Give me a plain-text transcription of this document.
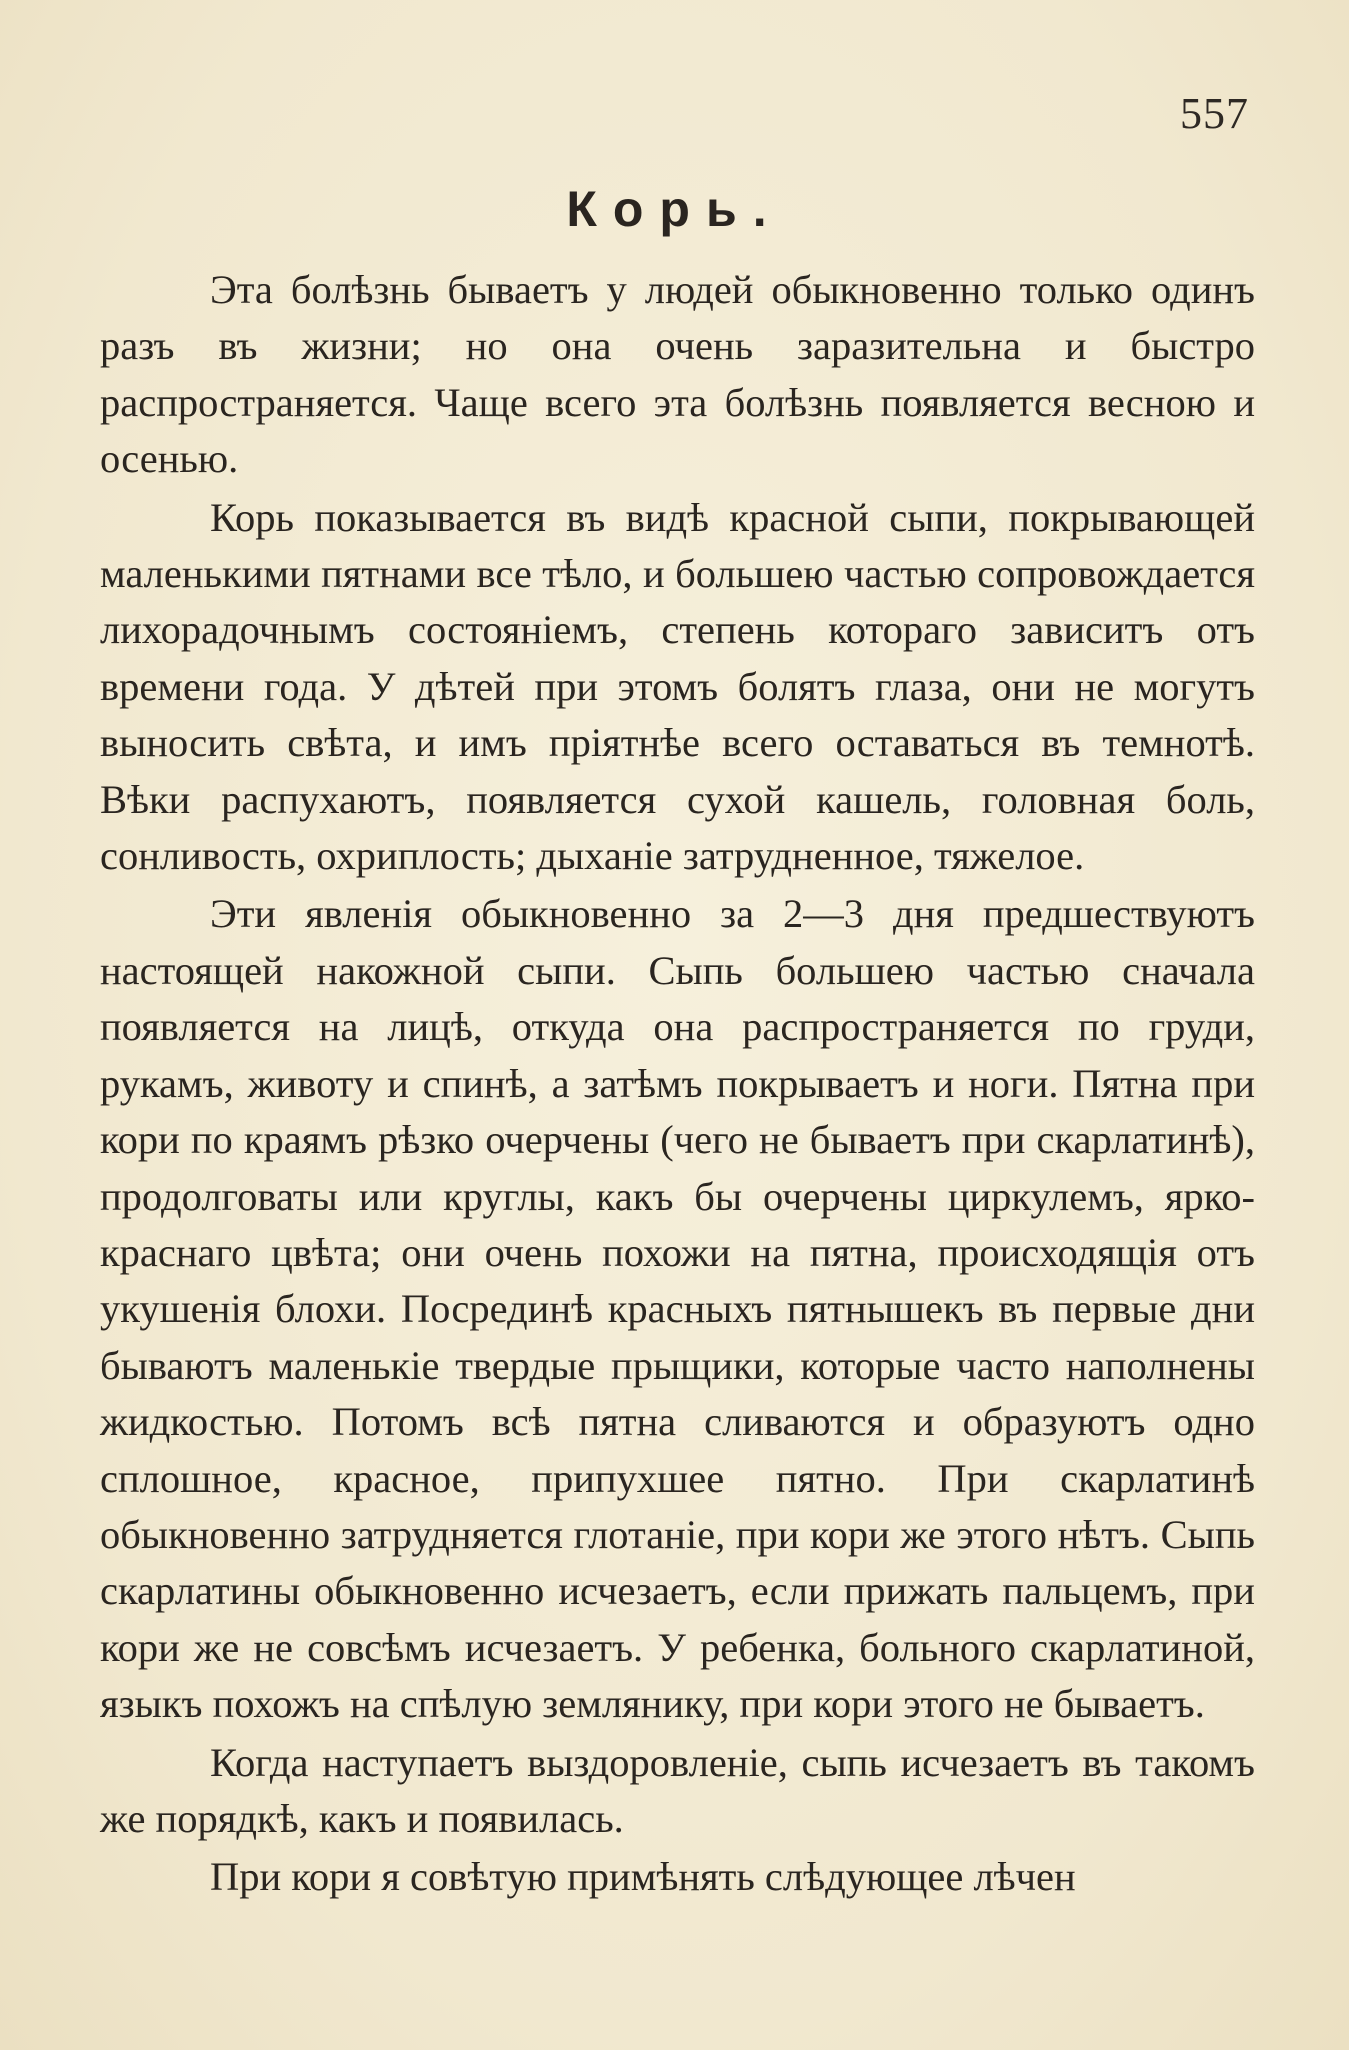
557
Корь.

Эта болѣзнь бываетъ у людей обыкновенно только одинъ разъ въ жизни; но она очень заразительна и быстро распространяется. Чаще всего эта болѣзнь появляется весною и осенью.

Корь показывается въ видѣ красной сыпи, покрывающей маленькими пятнами все тѣло, и большею частью сопровождается лихорадочнымъ состояніемъ, степень котораго зависитъ отъ времени года. У дѣтей при этомъ болятъ глаза, они не могутъ выносить свѣта, и имъ пріятнѣе всего оставаться въ темнотѣ. Вѣки распухаютъ, появляется сухой кашель, головная боль, сонливость, охриплость; дыханіе затрудненное, тяжелое.

Эти явленія обыкновенно за 2—3 дня предшествуютъ настоящей накожной сыпи. Сыпь большею частью сначала появляется на лицѣ, откуда она распространяется по груди, рукамъ, животу и спинѣ, а затѣмъ покрываетъ и ноги. Пятна при кори по краямъ рѣзко очерчены (чего не бываетъ при скарлатинѣ), продолговаты или круглы, какъ бы очерчены циркулемъ, ярко-краснаго цвѣта; они очень похожи на пятна, происходящія отъ укушенія блохи. Посрединѣ красныхъ пятнышекъ въ первые дни бываютъ маленькіе твердые прыщики, которые часто наполнены жидкостью. Потомъ всѣ пятна сливаются и образуютъ одно сплошное, красное, припухшее пятно. При скарлатинѣ обыкновенно затрудняется глотаніе, при кори же этого нѣтъ. Сыпь скарлатины обыкновенно исчезаетъ, если прижать пальцемъ, при кори же не совсѣмъ исчезаетъ. У ребенка, больного скарлатиной, языкъ похожъ на спѣлую землянику, при кори этого не бываетъ.

Когда наступаетъ выздоровленіе, сыпь исчезаетъ въ такомъ же порядкѣ, какъ и появилась.

При кори я совѣтую примѣнять слѣдующее лѣчен
